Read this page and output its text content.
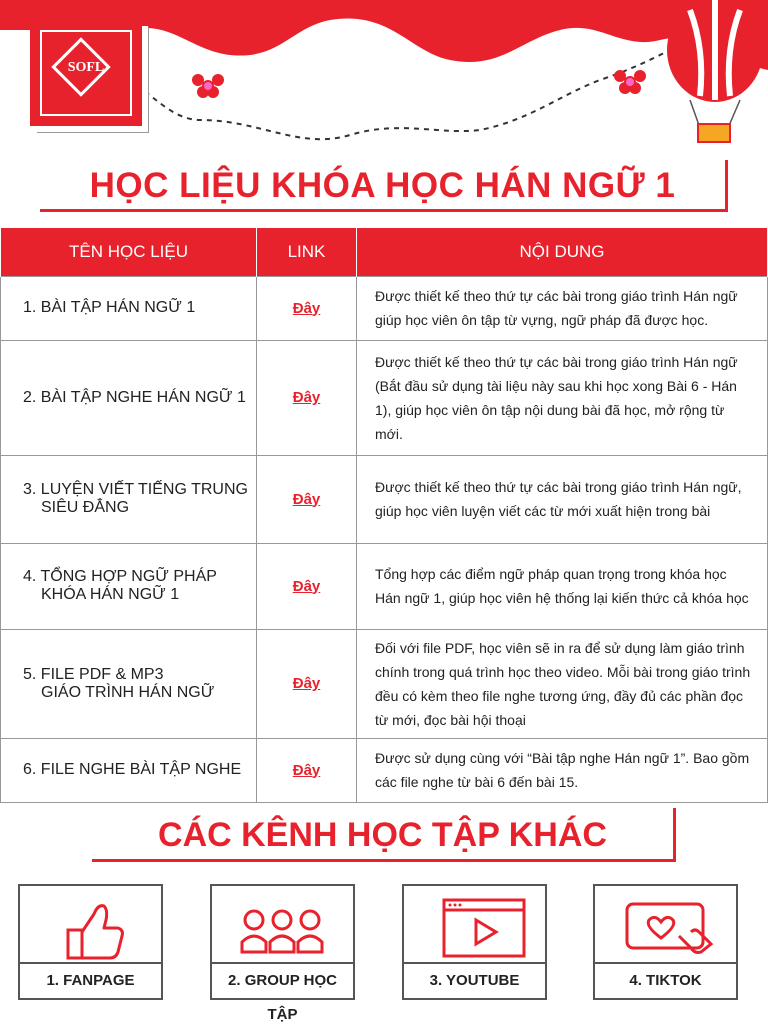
SOFL
HỌC LIỆU KHÓA HỌC HÁN NGỮ 1
TÊN HỌC LIỆU	LINK	NỘI DUNG

1. BÀI TẬP HÁN NGỮ 1	Đây	Được thiết kế theo thứ tự các bài trong giáo trình Hán ngữ giúp học viên ôn tập từ vựng, ngữ pháp đã được học.

2. BÀI TẬP NGHE HÁN NGỮ 1	Đây	Được thiết kế theo thứ tự các bài trong giáo trình Hán ngữ (Bắt đầu sử dụng tài liệu này sau khi học xong Bài 6 - Hán 1), giúp học viên ôn tập nội dung bài đã học, mở rộng từ mới.

3. LUYỆN VIẾT TIẾNG TRUNG
SIÊU ĐẲNG	Đây	Được thiết kế theo thứ tự các bài trong giáo trình Hán ngữ, giúp học viên luyện viết các từ mới xuất hiện trong bài

4. TỔNG HỢP NGỮ PHÁP
KHÓA HÁN NGỮ 1	Đây	Tổng hợp các điểm ngữ pháp quan trọng trong khóa học Hán ngữ 1, giúp học viên hệ thống lại kiến thức cả khóa học

5. FILE PDF & MP3
GIÁO TRÌNH HÁN NGỮ	Đây	Đối với file PDF, học viên sẽ in ra để sử dụng làm giáo trình chính trong quá trình học theo video. Mỗi bài trong giáo trình đều có kèm theo file nghe tương ứng, đầy đủ các phần đọc từ mới, đọc bài hội thoại

6. FILE NGHE BÀI TẬP NGHE	Đây	Được sử dụng cùng với “Bài tập nghe Hán ngữ 1”. Bao gồm các file nghe từ bài 6 đến bài 15.
CÁC KÊNH HỌC TẬP KHÁC
1. FANPAGE	2. GROUP HỌC TẬP
3. YOUTUBE	4. TIKTOK
